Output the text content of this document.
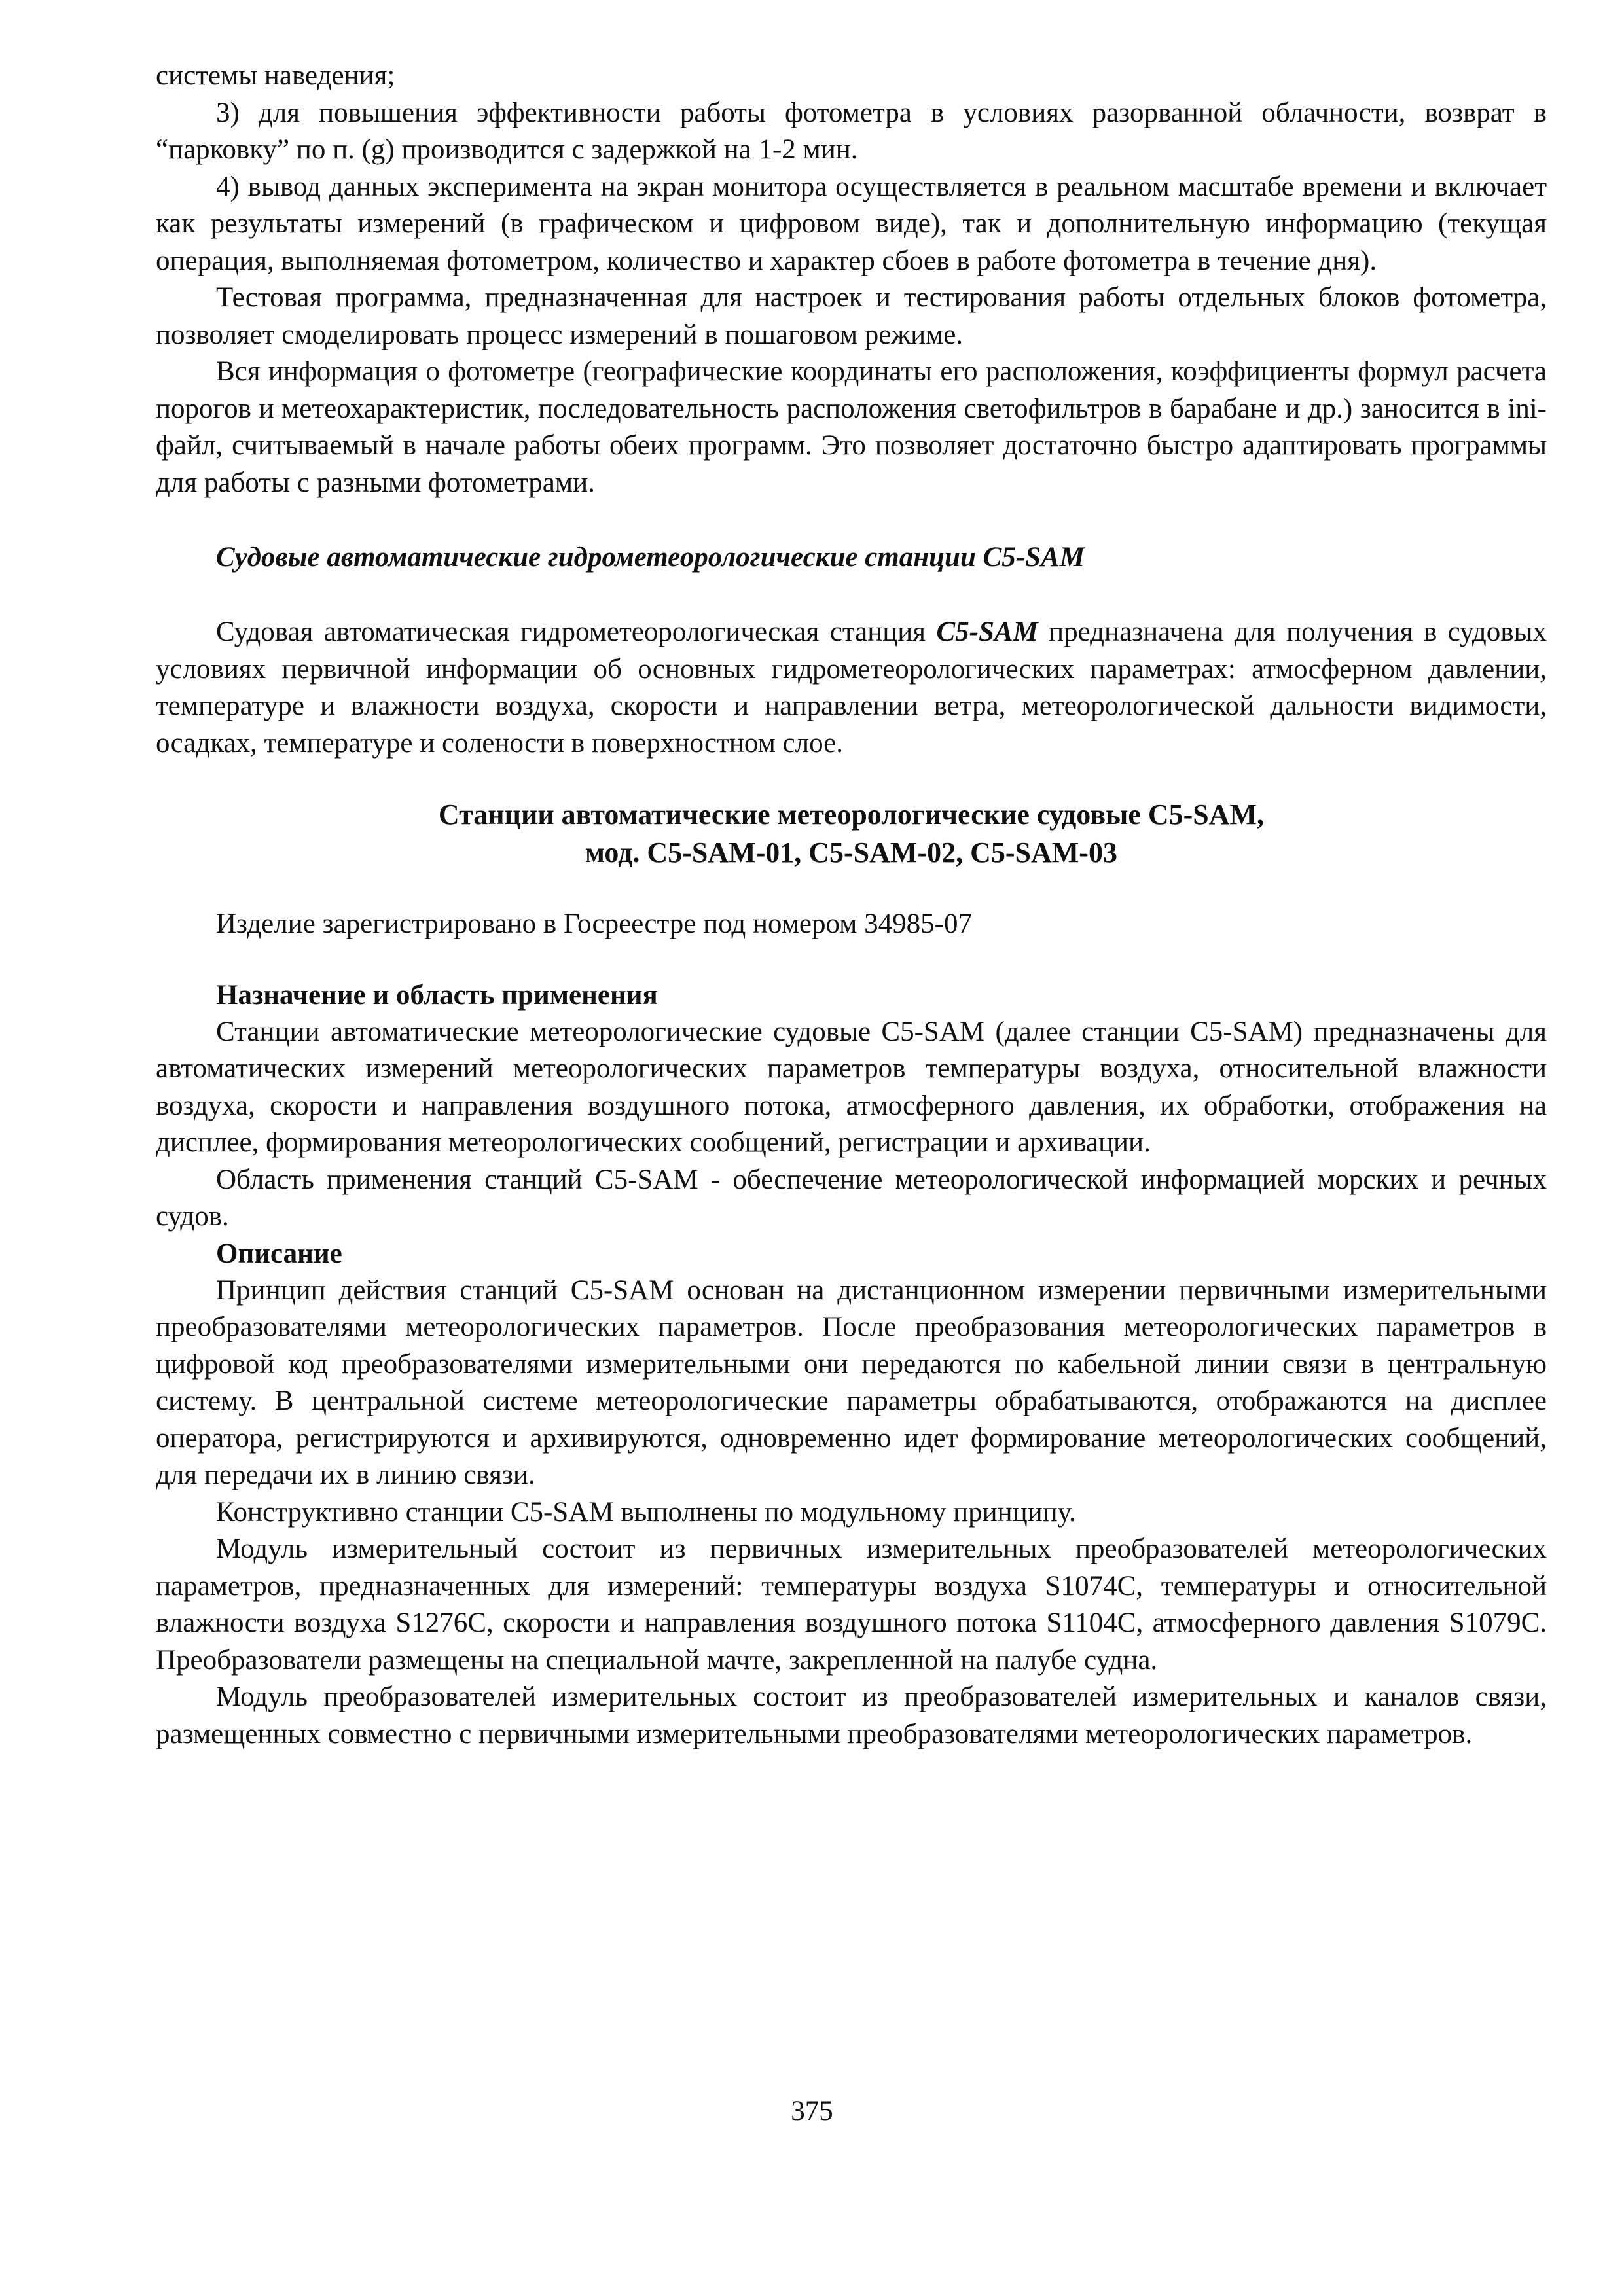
системы наведения;

3) для повышения эффективности работы фотометра в условиях разорванной облачности, возврат в “парковку” по п. (g) производится с задержкой на 1-2 мин.

4) вывод данных эксперимента на экран монитора осуществляется в реальном масштабе времени и включает как результаты измерений (в графическом и цифровом виде), так и дополнительную информацию (текущая операция, выполняемая фотометром, количество и характер сбоев в работе фотометра в течение дня).

Тестовая программа, предназначенная для настроек и тестирования работы отдельных блоков фотометра, позволяет смоделировать процесс измерений в пошаговом режиме.

Вся информация о фотометре (географические координаты его расположения, коэффициенты формул расчета порогов и метеохарактеристик, последовательность расположения светофильтров в барабане и др.) заносится в ini-файл, считываемый в начале работы обеих программ. Это позволяет достаточно быстро адаптировать программы для работы с разными фотометрами.

Судовые автоматические гидрометеорологические станции С5-SAM

Судовая автоматическая гидрометеорологическая станция С5-SAM предназначена для получения в судовых условиях первичной информации об основных гидрометеорологических параметрах: атмосферном давлении, температуре и влажности воздуха, скорости и направлении ветра, метеорологической дальности видимости, осадках, температуре и солености в поверхностном слое.

Станции автоматические метеорологические судовые С5-SAM,
мод. С5-SAM-01, С5-SAM-02, С5-SAM-03

Изделие зарегистрировано в Госреестре под номером 34985-07

Назначение и область применения

Станции автоматические метеорологические судовые С5-SAM (далее станции С5-SAM) предназначены для автоматических измерений метеорологических параметров температуры воздуха, относительной влажности воздуха, скорости и направления воздушного потока, атмосферного давления, их обработки, отображения на дисплее, формирования метеорологических сообщений, регистрации и архивации.

Область применения станций С5-SAM - обеспечение метеорологической информацией морских и речных судов.

Описание

Принцип действия станций С5-SAM основан на дистанционном измерении первичными измерительными преобразователями метеорологических параметров. После преобразования метеорологических параметров в цифровой код преобразователями измерительными они передаются по кабельной линии связи в центральную систему. В центральной системе метеорологические параметры обрабатываются, отображаются на дисплее оператора, регистрируются и архивируются, одновременно идет формирование метеорологических сообщений, для передачи их в линию связи.

Конструктивно станции С5-SAM выполнены по модульному принципу.

Модуль измерительный состоит из первичных измерительных преобразователей метеорологических параметров, предназначенных для измерений: температуры воздуха S1074C, температуры и относительной влажности воздуха S1276C, скорости и направления воздушного потока S1104C, атмосферного давления S1079C. Преобразователи размещены на специальной мачте, закрепленной на палубе судна.

Модуль преобразователей измерительных состоит из преобразователей измерительных и каналов связи, размещенных совместно с первичными измерительными преобразователями метеорологических параметров.

375
